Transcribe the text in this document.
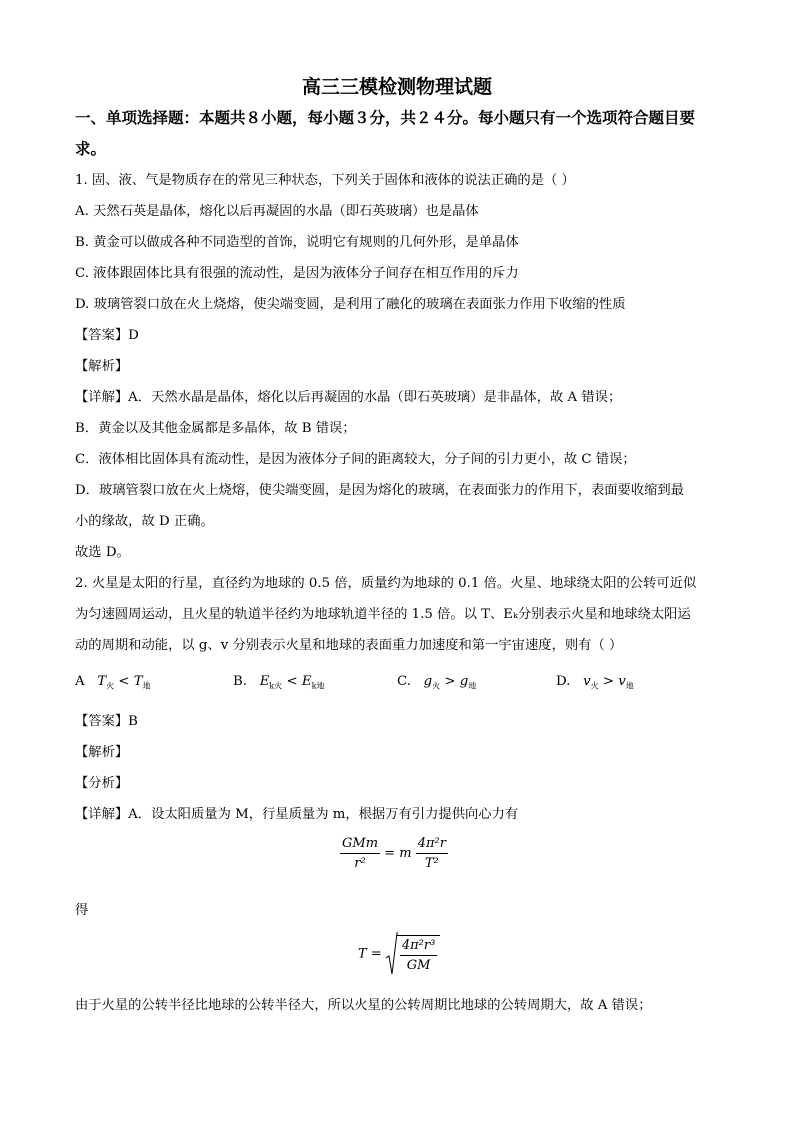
高三三模检测物理试题
一、单项选择题：本题共８小题，每小题３分，共２４分。每小题只有一个选项符合题目要
求。
1. 固、液、气是物质存在的常见三种状态，下列关于固体和液体的说法正确的是（ ）
A. 天然石英是晶体，熔化以后再凝固的水晶（即石英玻璃）也是晶体
B. 黄金可以做成各种不同造型的首饰，说明它有规则的几何外形，是单晶体
C. 液体跟固体比具有很强的流动性，是因为液体分子间存在相互作用的斥力
D. 玻璃管裂口放在火上烧熔，使尖端变圆，是利用了融化的玻璃在表面张力作用下收缩的性质
【答案】D
【解析】
【详解】A．天然水晶是晶体，熔化以后再凝固的水晶（即石英玻璃）是非晶体，故 A 错误；
B．黄金以及其他金属都是多晶体，故 B 错误；
C．液体相比固体具有流动性，是因为液体分子间的距离较大，分子间的引力更小，故 C 错误；
D．玻璃管裂口放在火上烧熔，使尖端变圆，是因为熔化的玻璃，在表面张力的作用下，表面要收缩到最
小的缘故，故 D 正确。
故选 D。
2. 火星是太阳的行星，直径约为地球的 0.5 倍，质量约为地球的 0.1 倍。火星、地球绕太阳的公转可近似
为匀速圆周运动，且火星的轨道半径约为地球轨道半径的 1.5 倍。以 T、Eₖ分别表示火星和地球绕太阳运
动的周期和动能，以 g、v 分别表示火星和地球的表面重力加速度和第一宇宙速度，则有（ ）
A $T_火 < T_地$	B. $E_{k火} < E_{k地}$	C. $g_火 > g_地$	D. $v_火 > v_地$
【答案】B
【解析】
【分析】
【详解】A．设太阳质量为 M，行星质量为 m，根据万有引力提供向心力有
$\frac{\text{GMm}}{\text{r²}} = m \frac{\text{4π²r}}{\text{T²}}$
得
$T = \frac{\text{4π²r³}}{GM}$
由于火星的公转半径比地球的公转半径大，所以火星的公转周期比地球的公转周期大，故 A 错误；
